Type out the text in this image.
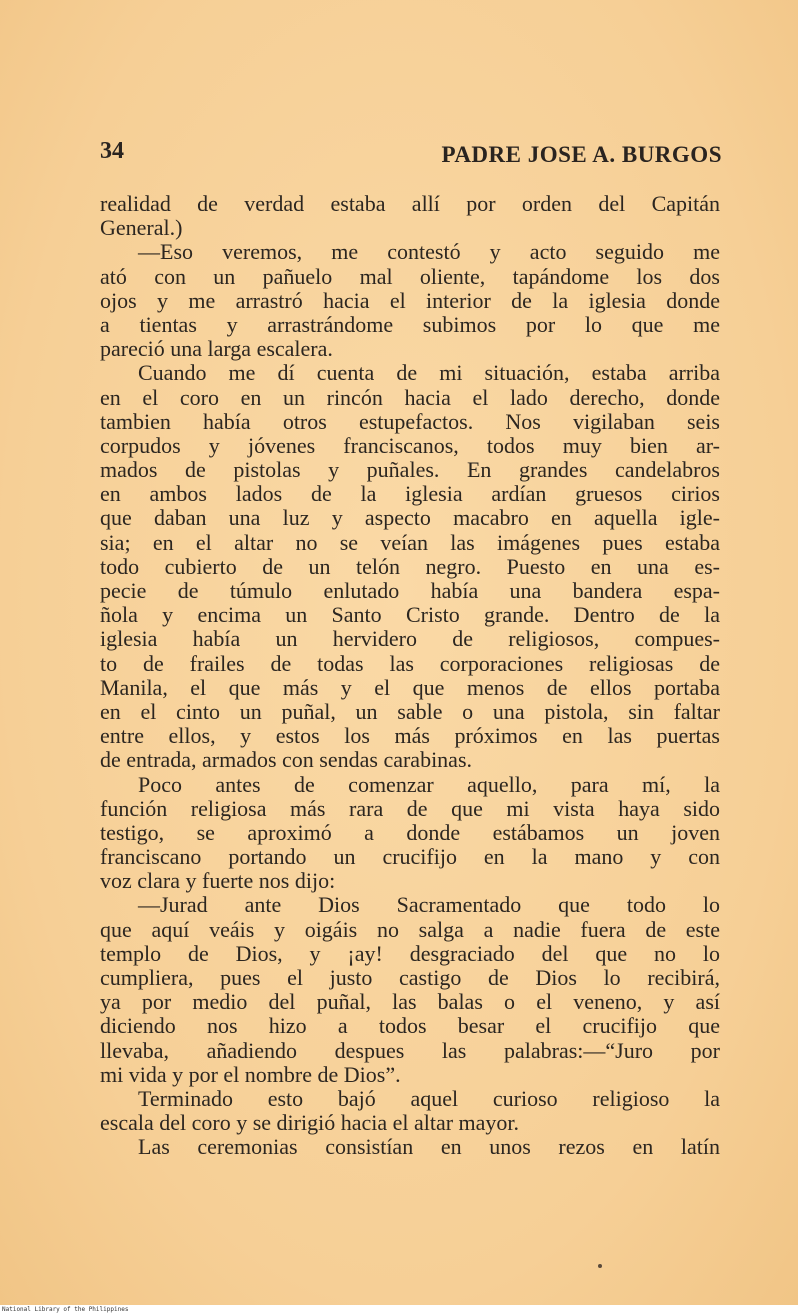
34	PADRE JOSE A. BURGOS
realidad de verdad estaba allí por orden del Capitán
General.)
—Eso veremos, me contestó y acto seguido me
ató con un pañuelo mal oliente, tapándome los dos
ojos y me arrastró hacia el interior de la iglesia donde
a tientas y arrastrándome subimos por lo que me
pareció una larga escalera.
Cuando me dí cuenta de mi situación, estaba arriba
en el coro en un rincón hacia el lado derecho, donde
tambien había otros estupefactos. Nos vigilaban seis
corpudos y jóvenes franciscanos, todos muy bien ar-
mados de pistolas y puñales. En grandes candelabros
en ambos lados de la iglesia ardían gruesos cirios
que daban una luz y aspecto macabro en aquella igle-
sia; en el altar no se veían las imágenes pues estaba
todo cubierto de un telón negro. Puesto en una es-
pecie de túmulo enlutado había una bandera espa-
ñola y encima un Santo Cristo grande. Dentro de la
iglesia había un hervidero de religiosos, compues-
to de frailes de todas las corporaciones religiosas de
Manila, el que más y el que menos de ellos portaba
en el cinto un puñal, un sable o una pistola, sin faltar
entre ellos, y estos los más próximos en las puertas
de entrada, armados con sendas carabinas.
Poco antes de comenzar aquello, para mí, la
función religiosa más rara de que mi vista haya sido
testigo, se aproximó a donde estábamos un joven
franciscano portando un crucifijo en la mano y con
voz clara y fuerte nos dijo:
—Jurad ante Dios Sacramentado que todo lo
que aquí veáis y oigáis no salga a nadie fuera de este
templo de Dios, y ¡ay! desgraciado del que no lo
cumpliera, pues el justo castigo de Dios lo recibirá,
ya por medio del puñal, las balas o el veneno, y así
diciendo nos hizo a todos besar el crucifijo que
llevaba, añadiendo despues las palabras:—“Juro por
mi vida y por el nombre de Dios”.
Terminado esto bajó aquel curioso religioso la
escala del coro y se dirigió hacia el altar mayor.
Las ceremonias consistían en unos rezos en latín
National Library of the Philippines
